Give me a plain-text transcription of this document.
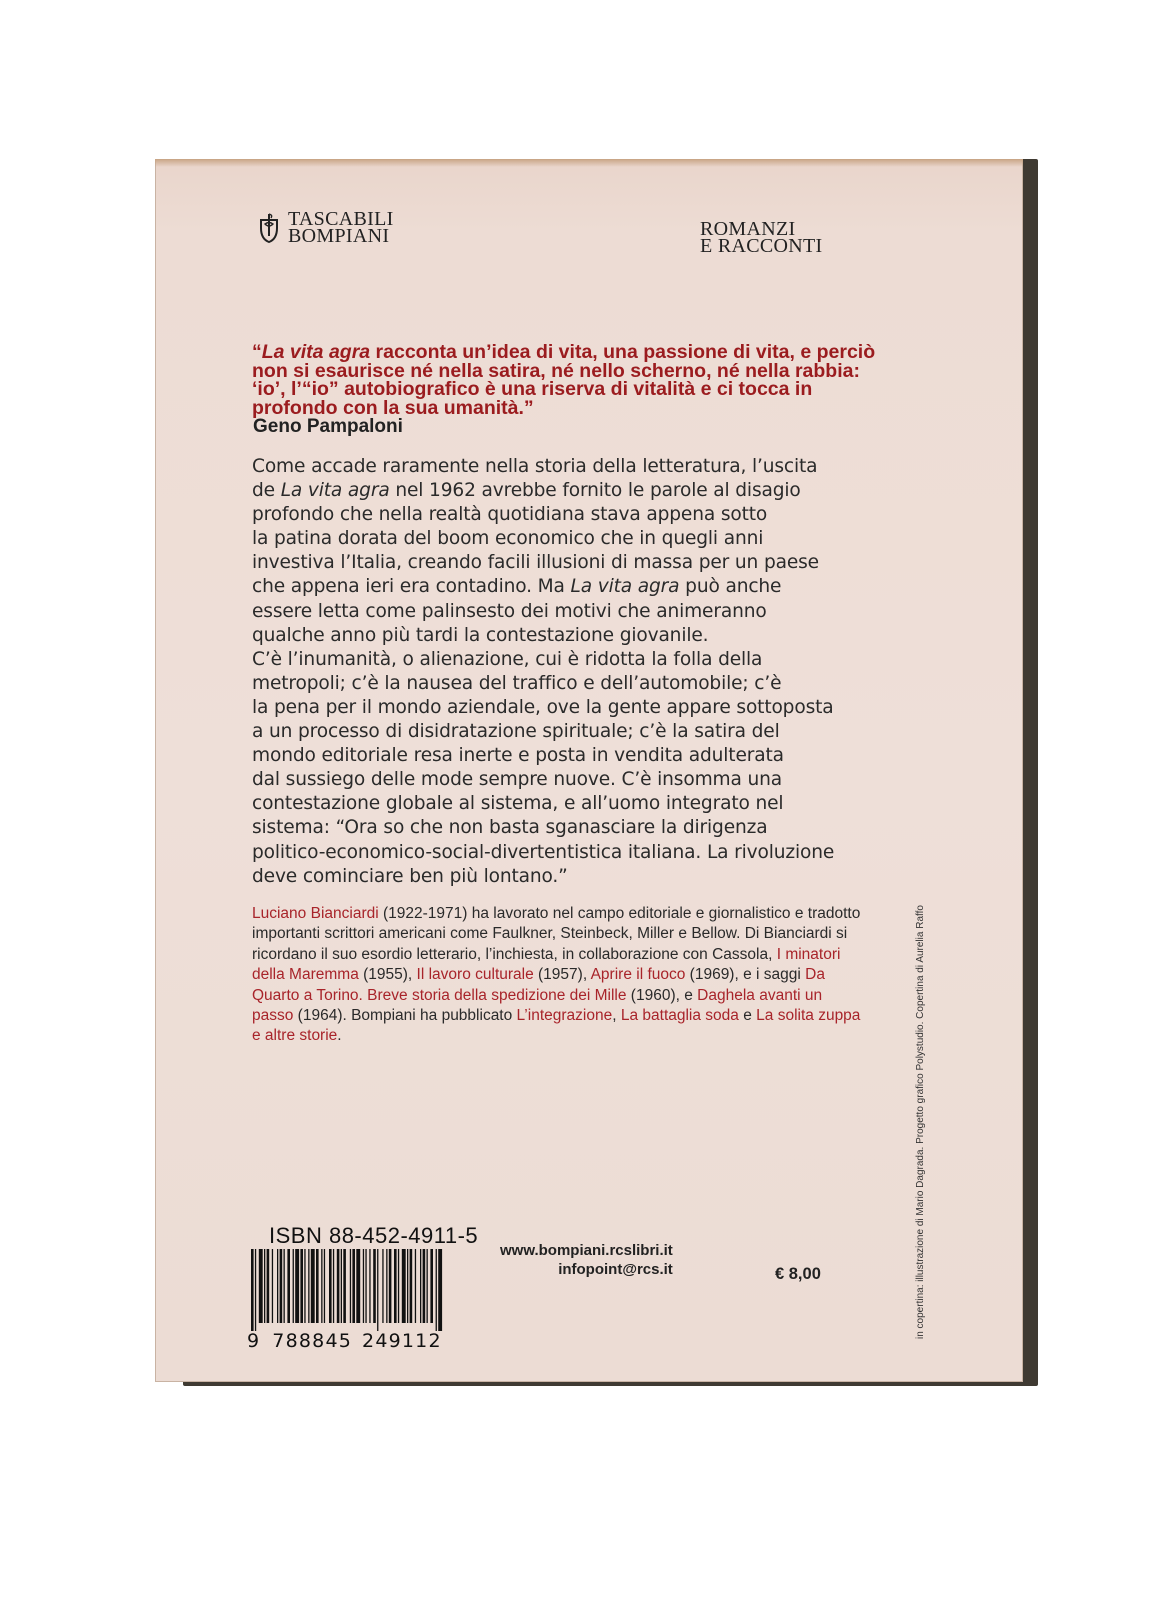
TASCABILI
BOMPIANI	ROMANZI
E RACCONTI

“La vita agra racconta un’idea di vita, una passione di vita, e perciò non si esaurisce né nella satira, né nello scherno, né nella rabbia: ‘io’, l’“io” autobiografico è una riserva di vitalità e ci tocca in profondo con la sua umanità.”

Geno Pampaloni

Come accade raramente nella storia della letteratura, l’uscita
de La vita agra nel 1962 avrebbe fornito le parole al disagio
profondo che nella realtà quotidiana stava appena sotto
la patina dorata del boom economico che in quegli anni
investiva l’Italia, creando facili illusioni di massa per un paese
che appena ieri era contadino. Ma La vita agra può anche
essere letta come palinsesto dei motivi che animeranno
qualche anno più tardi la contestazione giovanile.
C’è l’inumanità, o alienazione, cui è ridotta la folla della
metropoli; c’è la nausea del traffico e dell’automobile; c’è
la pena per il mondo aziendale, ove la gente appare sottoposta
a un processo di disidratazione spirituale; c’è la satira del
mondo editoriale resa inerte e posta in vendita adulterata
dal sussiego delle mode sempre nuove. C’è insomma una
contestazione globale al sistema, e all’uomo integrato nel
sistema: “Ora so che non basta sganasciare la dirigenza
politico-economico-social-divertentistica italiana. La rivoluzione
deve cominciare ben più lontano.”

Luciano Bianciardi (1922-1971) ha lavorato nel campo editoriale e giornalistico e tradotto importanti scrittori americani come Faulkner, Steinbeck, Miller e Bellow. Di Bianciardi si ricordano il suo esordio letterario, l’inchiesta, in collaborazione con Cassola, I minatori della Maremma (1955), Il lavoro culturale (1957), Aprire il fuoco (1969), e i saggi Da Quarto a Torino. Breve storia della spedizione dei Mille (1960), e Daghela avanti un passo (1964). Bompiani ha pubblicato L’integrazione, La battaglia soda e La solita zuppa e altre storie.

ISBN 88-452-4911-5
9 788845 249112
www.bompiani.rcslibri.it
infopoint@rcs.it	€ 8,00	in copertina: illustrazione di Mario Dagrada. Progetto grafico Polystudio. Copertina di Aurelia Raffo
